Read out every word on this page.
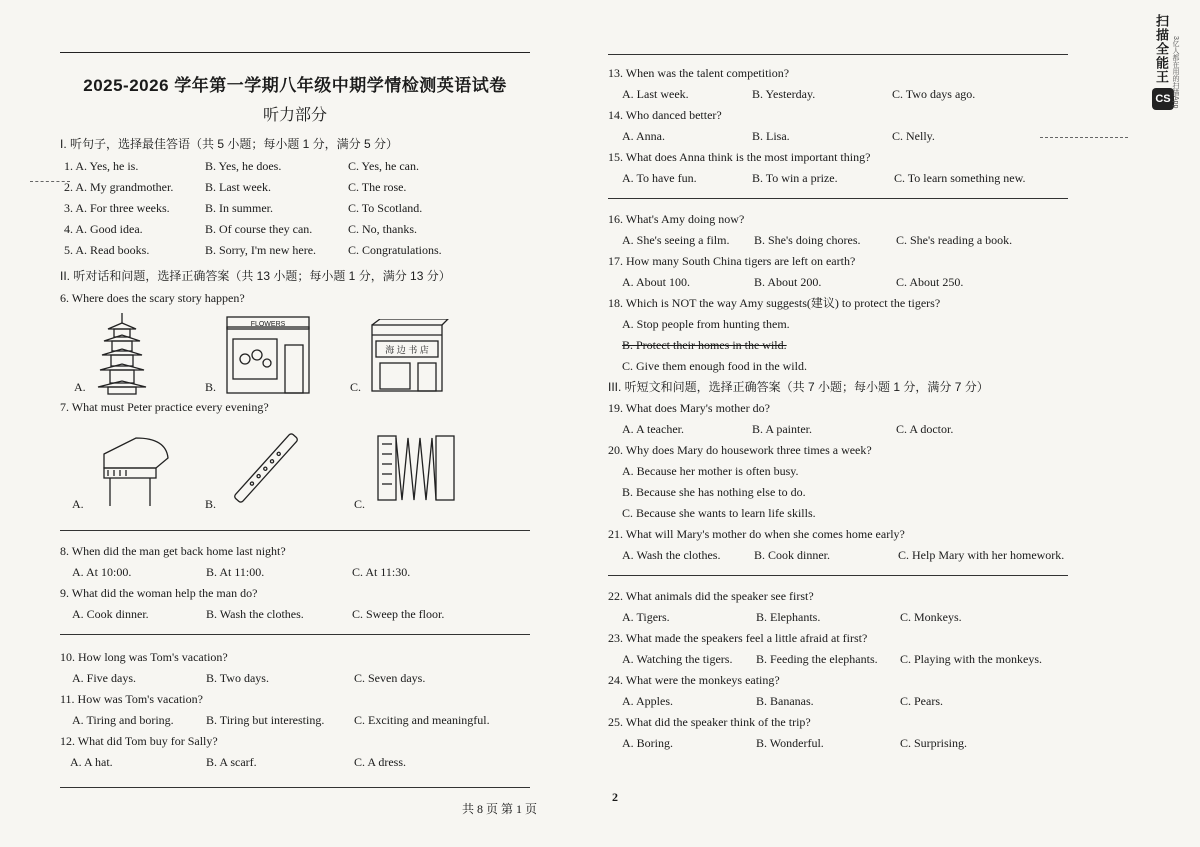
2025-2026 学年第一学期八年级中期学情检测英语试卷
听力部分
I. 听句子，选择最佳答语（共 5 小题；每小题 1 分，满分 5 分）
1. A. Yes, he is.	B. Yes, he does.	C. Yes, he can.
2. A. My grandmother.	B. Last week.	C. The rose.
3. A. For three weeks.	B. In summer.	C. To Scotland.
4. A. Good idea.	B. Of course they can.	C. No, thanks.
5. A. Read books.	B. Sorry, I'm new here.	C. Congratulations.
II. 听对话和问题，选择正确答案（共 13 小题；每小题 1 分，满分 13 分）
6. Where does the scary story happen?
A.	B.
FLOWERS
C.
海 边 书 店
7. What must Peter practice every evening?
A.	B.	C.
8. When did the man get back home last night?
A. At 10:00.	B. At 11:00.	C. At 11:30.
9. What did the woman help the man do?
A. Cook dinner.	B. Wash the clothes.	C. Sweep the floor.
10. How long was Tom's vacation?
A. Five days.	B. Two days.	C. Seven days.
11. How was Tom's vacation?
A. Tiring and boring.	B. Tiring but interesting. C. Exciting and meaningful.
12. What did Tom buy for Sally?
A. A hat.	B. A scarf.	C. A dress.
共 8 页 第 1 页
13. When was the talent competition?
A. Last week.	B. Yesterday.	C. Two days ago.
14. Who danced better?
A. Anna.	B. Lisa.	C. Nelly.
15. What does Anna think is the most important thing?
A. To have fun.	B. To win a prize.	C. To learn something new.
16. What's Amy doing now?
A. She's seeing a film. B. She's doing chores.	C. She's reading a book.
17. How many South China tigers are left on earth?
A. About 100.	B. About 200.	C. About 250.
18. Which is NOT the way Amy suggests(建议) to protect the tigers?
A. Stop people from hunting them.
B. Protect their homes in the wild.
C. Give them enough food in the wild.
III. 听短文和问题，选择正确答案（共 7 小题；每小题 1 分，满分 7 分）
19. What does Mary's mother do?
A. A teacher.	B. A painter.	C. A doctor.
20. Why does Mary do housework three times a week?
A. Because her mother is often busy.
B. Because she has nothing else to do.
C. Because she wants to learn life skills.
21. What will Mary's mother do when she comes home early?
A. Wash the clothes.	B. Cook dinner.	C. Help Mary with her homework.
22. What animals did the speaker see first?
A. Tigers.	B. Elephants.	C. Monkeys.
23. What made the speakers feel a little afraid at first?
A. Watching the tigers. B. Feeding the elephants. C. Playing with the monkeys.
24. What were the monkeys eating?
A. Apples.	B. Bananas.	C. Pears.
25. What did the speaker think of the trip?
A. Boring.	B. Wonderful.	C. Surprising.
2
扫描全能王
CS 3亿人都在用的扫描App
